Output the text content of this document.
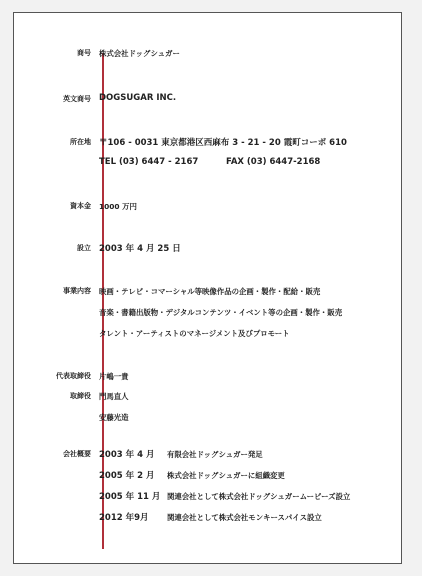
商号 株式会社ドッグシュガー
英文商号 DOGSUGAR INC.
所在地 〒106 - 0031 東京都港区西麻布 3 - 21 - 20 霞町コーポ 610
TEL (03) 6447 - 2167	FAX (03) 6447-2168
資本金 1000 万円
設立 2003 年 4 月 25 日
事業内容 映画・テレビ・コマーシャル等映像作品の企画・製作・配給・販売
音楽・書籍出版物・デジタルコンテンツ・イベント等の企画・製作・販売
タレント・アーティストのマネージメント及びプロモート
代表取締役 片嶋一貴
取締役 門馬直人
安藤光造
会社概要 2003 年 4 月 有限会社ドッグシュガー発足
2005 年 2 月 株式会社ドッグシュガーに組織変更
2005 年 11 月 関連会社として株式会社ドッグシュガームービーズ設立
2012 年9月 関連会社として株式会社モンキースパイス設立
